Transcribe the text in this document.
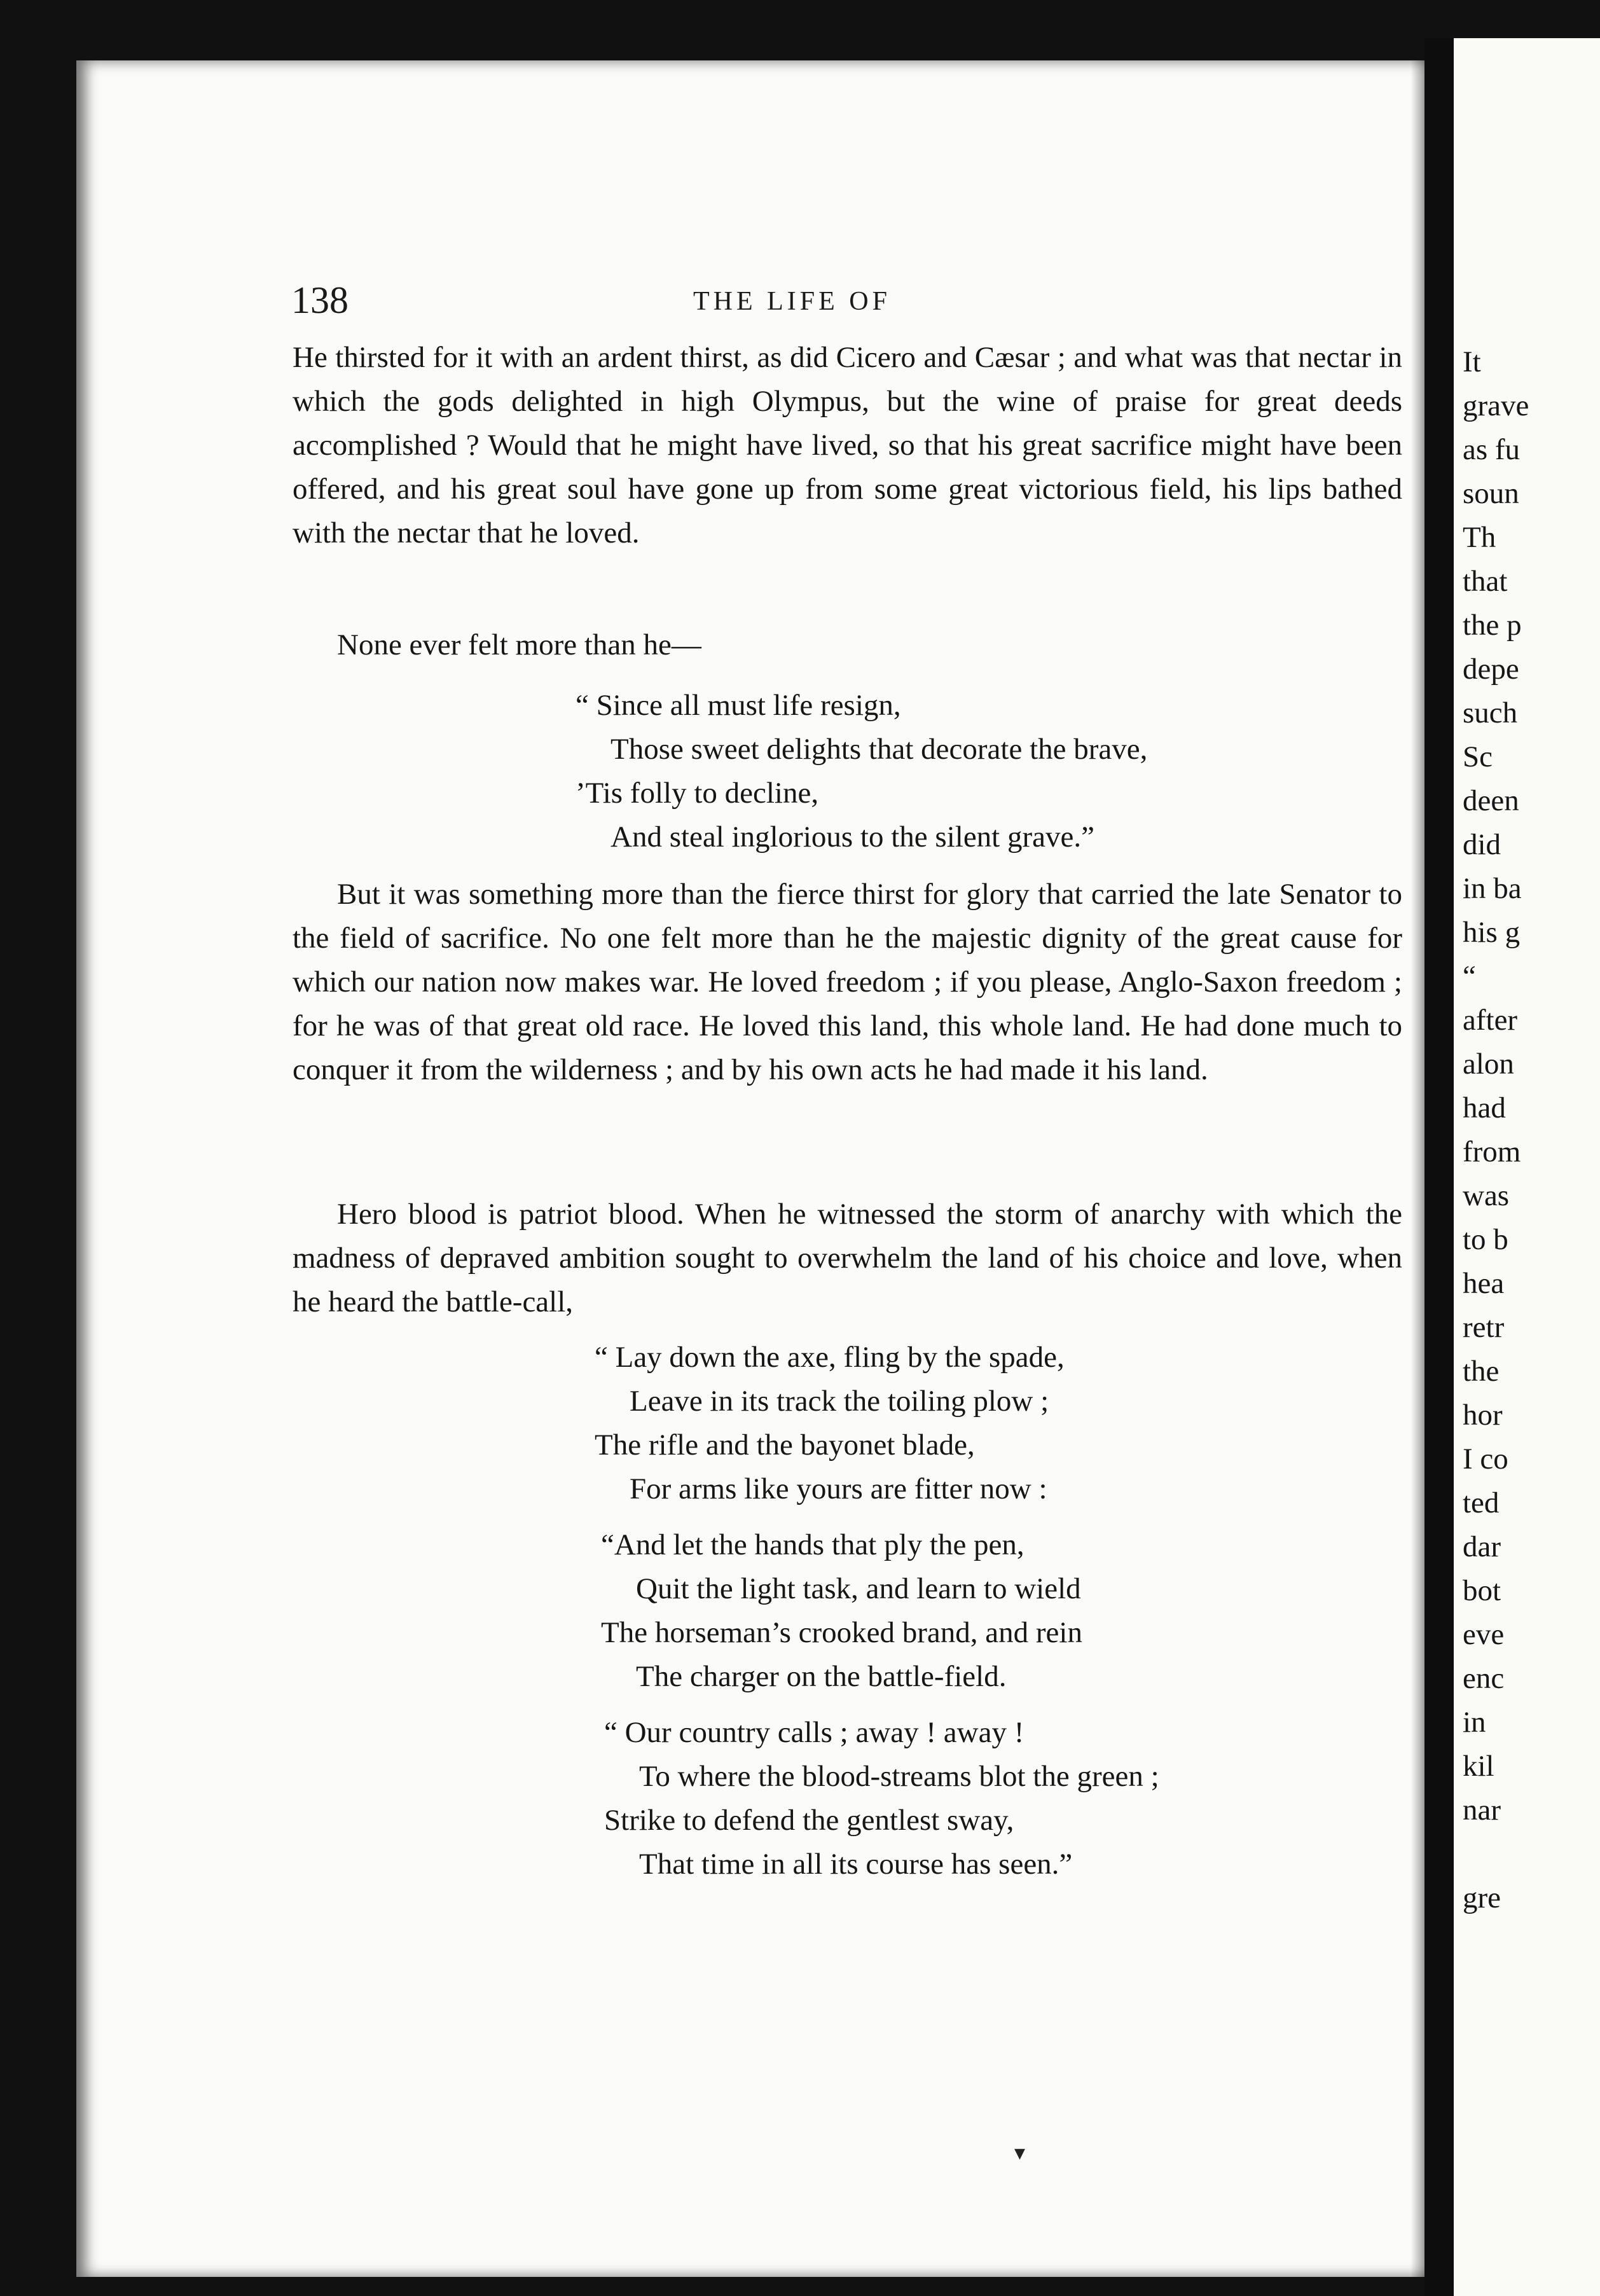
138	THE LIFE OF

He thirsted for it with an ardent thirst, as did Cicero and Cæsar ; and what was that nectar in which the gods delighted in high Olympus, but the wine of praise for great deeds accomplished ? Would that he might have lived, so that his great sacrifice might have been offered, and his great soul have gone up from some great victorious field, his lips bathed with the nectar that he loved.

None ever felt more than he—

“ Since all must life resign,
Those sweet delights that decorate the brave,
’Tis folly to decline,
And steal inglorious to the silent grave.”

But it was something more than the fierce thirst for glory that carried the late Senator to the field of sacrifice. No one felt more than he the majestic dignity of the great cause for which our nation now makes war. He loved freedom ; if you please, Anglo-Saxon freedom ; for he was of that great old race. He loved this land, this whole land. He had done much to conquer it from the wilderness ; and by his own acts he had made it his land.

Hero blood is patriot blood. When he witnessed the storm of anarchy with which the madness of depraved ambition sought to overwhelm the land of his choice and love, when he heard the battle-call,

“ Lay down the axe, fling by the spade,
Leave in its track the toiling plow ;
The rifle and the bayonet blade,
For arms like yours are fitter now :
“And let the hands that ply the pen,
Quit the light task, and learn to wield
The horseman’s crooked brand, and rein
The charger on the battle-field.
“ Our country calls ; away ! away !
To where the blood-streams blot the green ;
Strike to defend the gentlest sway,
That time in all its course has seen.”
It
grave
as fu
soun
Th
that
the p
depe
such
Sc
deen
did
in ba
his g
“
after
alon
had
from
was
to b
hea
retr
the
hor
I co
ted
dar
bot
eve
enc
in
kil
nar

gre
▾
